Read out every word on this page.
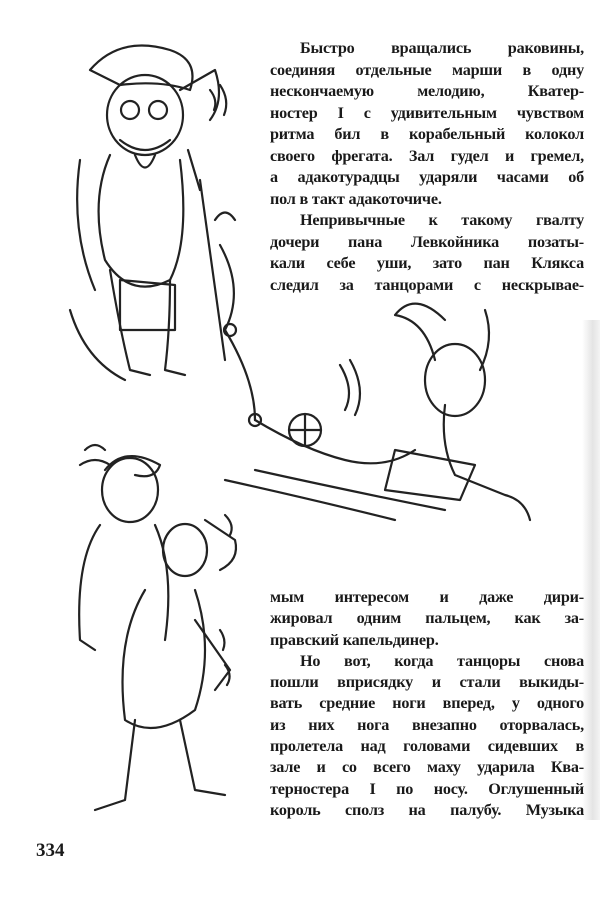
Быстро вращались раковины,
соединяя отдельные марши в одну
нескончаемую мелодию, Кватер-
ностер I с удивительным чувством
ритма бил в корабельный колокол
своего фрегата. Зал гудел и гремел,
а адакотурадцы ударяли часами об
пол в такт адакоточиче.
Непривычные к такому гвалту
дочери пана Левкойника позаты-
кали себе уши, зато пан Клякса
следил за танцорами с нескрывае-
мым интересом и даже дири-
жировал одним пальцем, как за-
правский капельдинер.
Но вот, когда танцоры снова
пошли вприсядку и стали выкиды-
вать средние ноги вперед, у одного
из них нога внезапно оторвалась,
пролетела над головами сидевших в
зале и со всего маху ударила Ква-
терностера I по носу. Оглушенный
король сполз на палубу. Музыка
334
